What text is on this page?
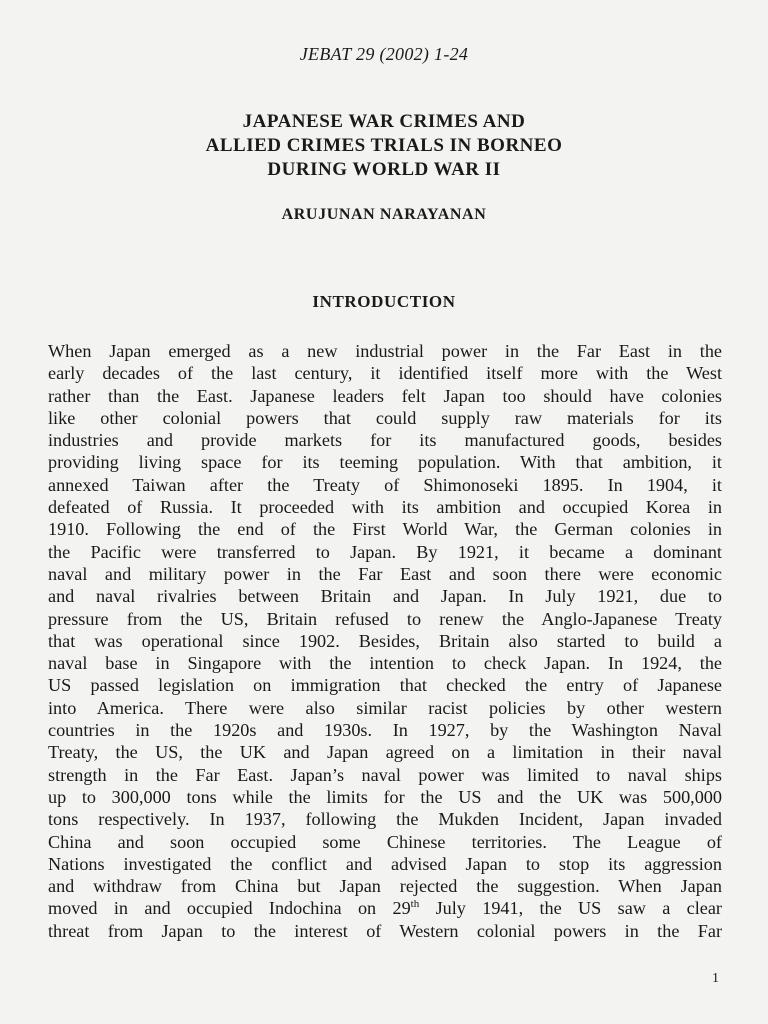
JEBAT 29 (2002) 1-24
JAPANESE WAR CRIMES AND
ALLIED CRIMES TRIALS IN BORNEO
DURING WORLD WAR II
ARUJUNAN NARAYANAN
INTRODUCTION
When Japan emerged as a new industrial power in the Far East in the
early decades of the last century, it identified itself more with the West
rather than the East. Japanese leaders felt Japan too should have colonies
like other colonial powers that could supply raw materials for its
industries and provide markets for its manufactured goods, besides
providing living space for its teeming population. With that ambition, it
annexed Taiwan after the Treaty of Shimonoseki 1895. In 1904, it
defeated of Russia. It proceeded with its ambition and occupied Korea in
1910. Following the end of the First World War, the German colonies in
the Pacific were transferred to Japan. By 1921, it became a dominant
naval and military power in the Far East and soon there were economic
and naval rivalries between Britain and Japan. In July 1921, due to
pressure from the US, Britain refused to renew the Anglo-Japanese Treaty
that was operational since 1902. Besides, Britain also started to build a
naval base in Singapore with the intention to check Japan. In 1924, the
US passed legislation on immigration that checked the entry of Japanese
into America. There were also similar racist policies by other western
countries in the 1920s and 1930s. In 1927, by the Washington Naval
Treaty, the US, the UK and Japan agreed on a limitation in their naval
strength in the Far East. Japan’s naval power was limited to naval ships
up to 300,000 tons while the limits for the US and the UK was 500,000
tons respectively. In 1937, following the Mukden Incident, Japan invaded
China and soon occupied some Chinese territories. The League of
Nations investigated the conflict and advised Japan to stop its aggression
and withdraw from China but Japan rejected the suggestion. When Japan
moved in and occupied Indochina on 29th July 1941, the US saw a clear
threat from Japan to the interest of Western colonial powers in the Far
1
